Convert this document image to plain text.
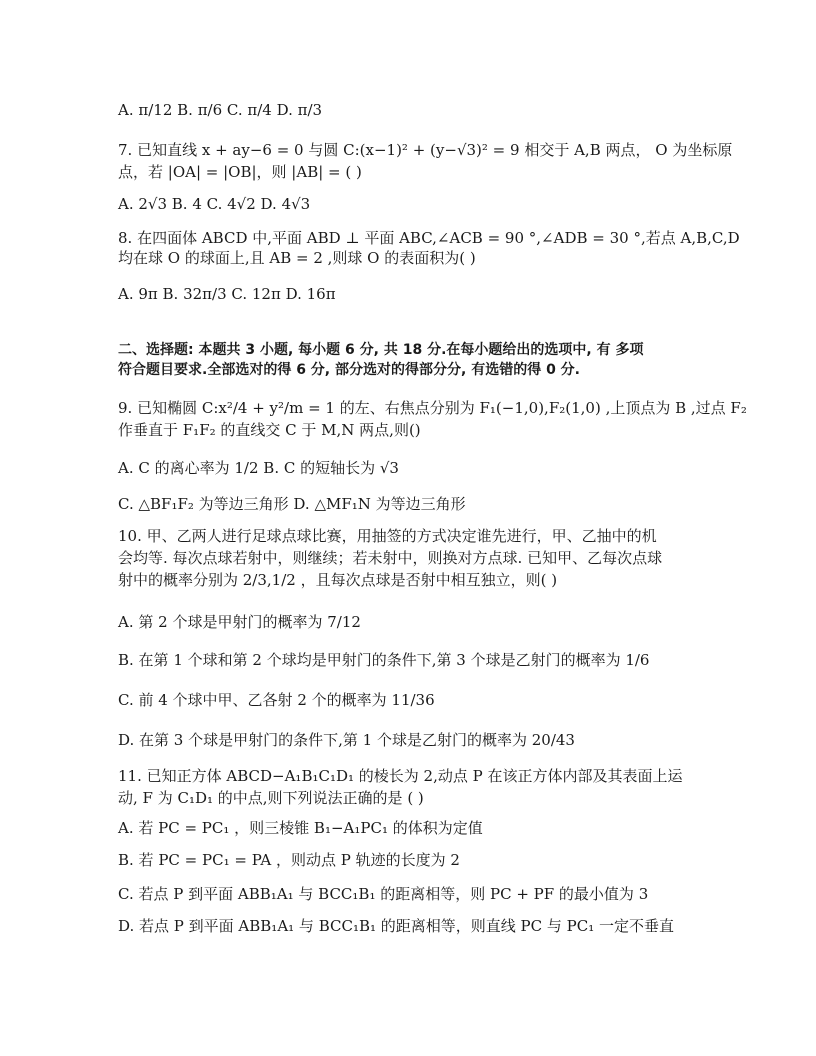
A. π/12 B. π/6 C. π/4 D. π/3
7. 已知直线 x + ay−6 = 0 与圆 C:(x−1)² + (y−√3)² = 9 相交于 A,B 两点， O 为坐标原
点，若 |OA| = |OB|，则 |AB| = ( )
A. 2√3 B. 4 C. 4√2 D. 4√3
8. 在四面体 ABCD 中,平面 ABD ⊥ 平面 ABC,∠ACB = 90 °,∠ADB = 30 °,若点 A,B,C,D
均在球 O 的球面上,且 AB = 2 ,则球 O 的表面积为( )
A. 9π B. 32π/3 C. 12π D. 16π
二、选择题: 本题共 3 小题, 每小题 6 分, 共 18 分.在每小题给出的选项中, 有 多项
符合题目要求.全部选对的得 6 分, 部分选对的得部分分, 有选错的得 0 分.
9. 已知椭圆 C:x²/4 + y²/m = 1 的左、右焦点分别为 F₁(−1,0),F₂(1,0) ,上顶点为 B ,过点 F₂
作垂直于 F₁F₂ 的直线交 C 于 M,N 两点,则()
A. C 的离心率为 1/2 B. C 的短轴长为 √3
C. △BF₁F₂ 为等边三角形 D. △MF₁N 为等边三角形
10. 甲、乙两人进行足球点球比赛，用抽签的方式决定谁先进行，甲、乙抽中的机
会均等. 每次点球若射中，则继续；若未射中，则换对方点球. 已知甲、乙每次点球
射中的概率分别为 2/3,1/2 ，且每次点球是否射中相互独立，则( )
A. 第 2 个球是甲射门的概率为 7/12
B. 在第 1 个球和第 2 个球均是甲射门的条件下,第 3 个球是乙射门的概率为 1/6
C. 前 4 个球中甲、乙各射 2 个的概率为 11/36
D. 在第 3 个球是甲射门的条件下,第 1 个球是乙射门的概率为 20/43
11. 已知正方体 ABCD−A₁B₁C₁D₁ 的棱长为 2,动点 P 在该正方体内部及其表面上运
动, F 为 C₁D₁ 的中点,则下列说法正确的是 ( )
A. 若 PC = PC₁ ，则三棱锥 B₁−A₁PC₁ 的体积为定值
B. 若 PC = PC₁ = PA ，则动点 P 轨迹的长度为 2
C. 若点 P 到平面 ABB₁A₁ 与 BCC₁B₁ 的距离相等，则 PC + PF 的最小值为 3
D. 若点 P 到平面 ABB₁A₁ 与 BCC₁B₁ 的距离相等，则直线 PC 与 PC₁ 一定不垂直
